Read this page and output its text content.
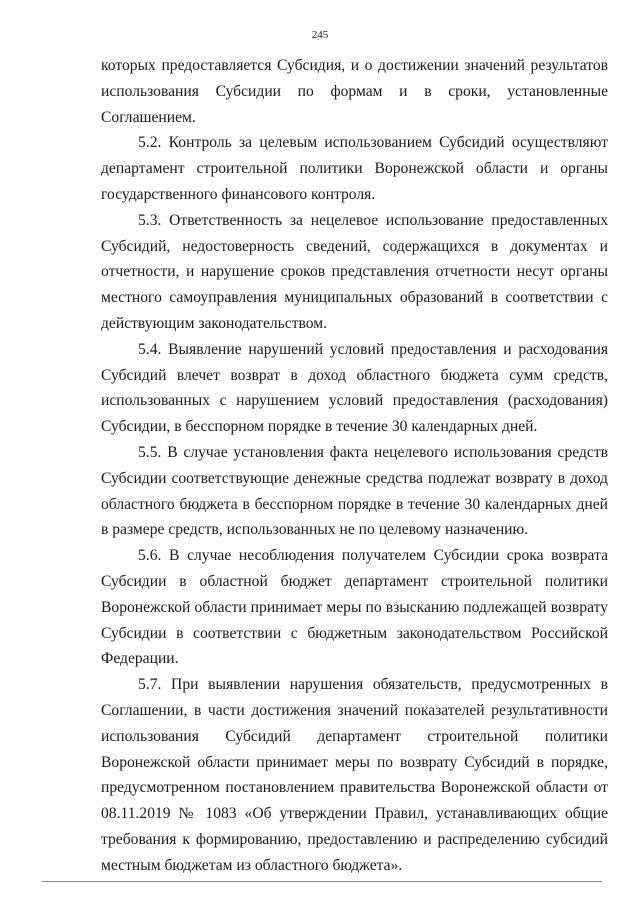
245

которых предоставляется Субсидия, и о достижении значений результатов использования Субсидии по формам и в сроки, установленные Соглашением.

5.2. Контроль за целевым использованием Субсидий осуществляют департамент строительной политики Воронежской области и органы государственного финансового контроля.

5.3. Ответственность за нецелевое использование предоставленных Субсидий, недостоверность сведений, содержащихся в документах и отчетности, и нарушение сроков представления отчетности несут органы местного самоуправления муниципальных образований в соответствии с действующим законодательством.

5.4. Выявление нарушений условий предоставления и расходования Субсидий влечет возврат в доход областного бюджета сумм средств, использованных с нарушением условий предоставления (расходования) Субсидии, в бесспорном порядке в течение 30 календарных дней.

5.5. В случае установления факта нецелевого использования средств Субсидии соответствующие денежные средства подлежат возврату в доход областного бюджета в бесспорном порядке в течение 30 календарных дней в размере средств, использованных не по целевому назначению.

5.6. В случае несоблюдения получателем Субсидии срока возврата Субсидии в областной бюджет департамент строительной политики Воронежской области принимает меры по взысканию подлежащей возврату Субсидии в соответствии с бюджетным законодательством Российской Федерации.

5.7. При выявлении нарушения обязательств, предусмотренных в Соглашении, в части достижения значений показателей результативности использования Субсидий департамент строительной политики Воронежской области принимает меры по возврату Субсидий в порядке, предусмотренном постановлением правительства Воронежской области от 08.11.2019 № 1083 «Об утверждении Правил, устанавливающих общие требования к формированию, предоставлению и распределению субсидий местным бюджетам из областного бюджета».
